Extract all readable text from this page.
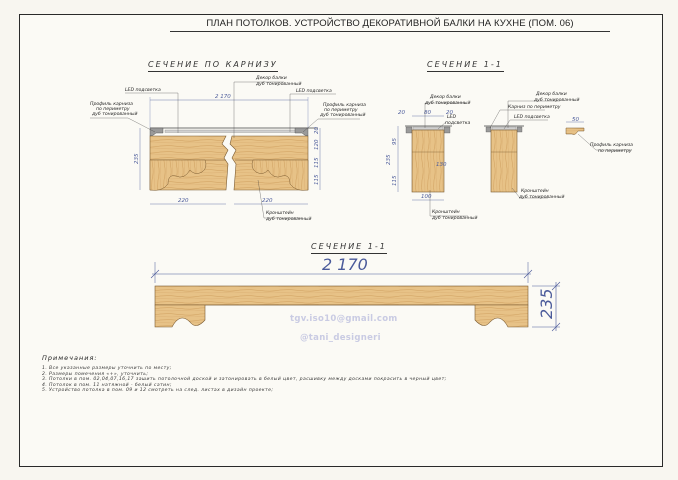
ПЛАН ПОТОЛКОВ. УСТРОЙСТВО ДЕКОРАТИВНОЙ БАЛКИ НА КУХНЕ (ПОМ. 06)
СЕЧЕНИЕ ПО КАРНИЗУ	СЕЧЕНИЕ 1-1
СЕЧЕНИЕ 1-1
2 170
235
220	220
120
115
115
20
LED подсветка
Декор балки
дуб тонированный
LED подсветка
Профиль карниза
по периметру
дуб тонированный
Профиль карниза
по периметру
дуб тонированный
Кронштейн
дуб тонированный
20	80	20
95
235
115
100
130
Декор балки
дуб тонированный
LED
подсветка
Кронштейн
дуб тонированный
Декор балки
дуб тонированный
Карниз по периметру
LED подсветка
Кронштейн
дуб тонированный
50
Профиль карниза
по периметру
2 170
235
tgv.iso10@gmail.com
@tani_designeri
Примечания:
1. Все указанные размеры уточнить по месту;
2. Размеры помечения «+», уточнить;
3. Потолки в пом. 02,04,07,16,17 зашить потолочной доской и затонировать в белый цвет, расшивку между досками покрасить в черный цвет;
4. Потолок в пом. 11 натяжной - белый сатин;
5. Устройство потолка в пом. 09 и 12 смотреть на след. листах в дизайн проекте;
